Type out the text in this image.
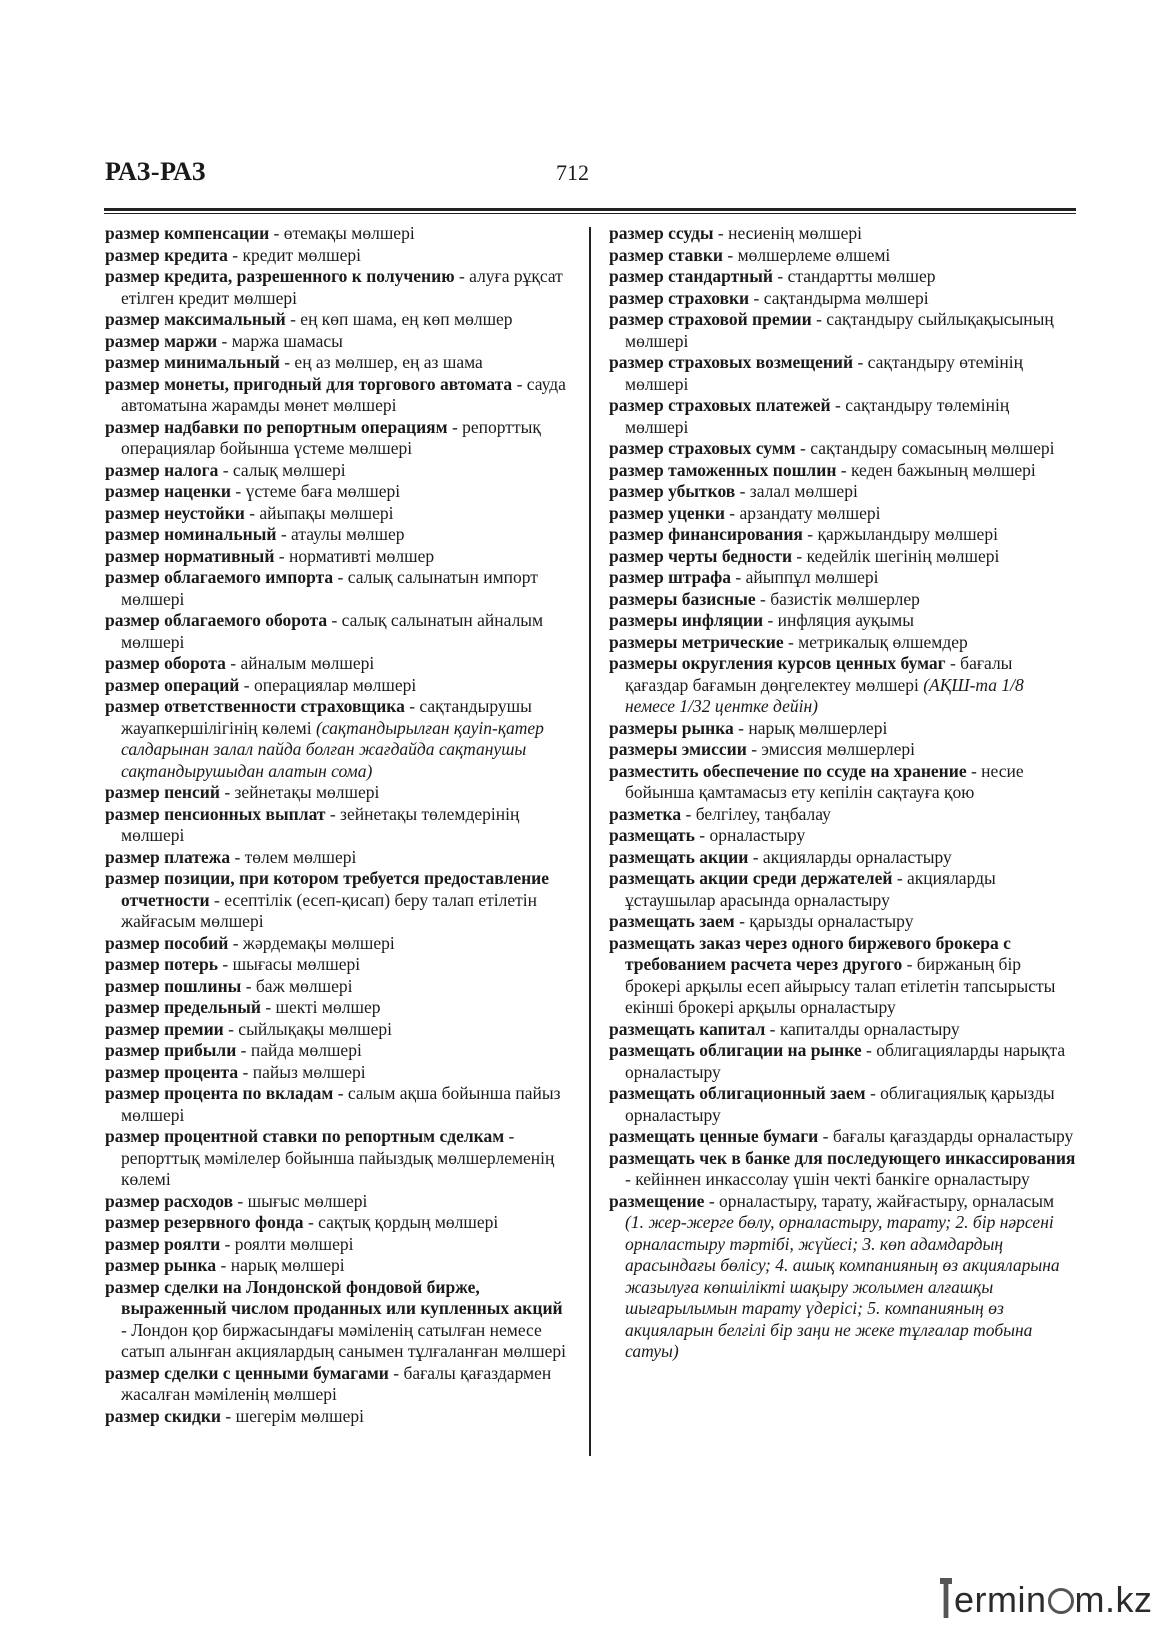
РАЗ-РАЗ	712

размер компенсации - өтемақы мөлшері

размер кредита - кредит мөлшері

размер кредита, разрешенного к получению - алуға рұқсат етілген кредит мөлшері

размер максимальный - ең көп шама, ең көп мөлшер

размер маржи - маржа шамасы

размер минимальный - ең аз мөлшер, ең аз шама

размер монеты, пригодный для торгового автомата - сауда автоматына жарамды мөнет мөлшері

размер надбавки по репортным операциям - репорттық операциялар бойынша үстеме мөлшері

размер налога - салық мөлшері

размер наценки - үстеме баға мөлшері

размер неустойки - айыпақы мөлшері

размер номинальный - атаулы мөлшер

размер нормативный - нормативті мөлшер

размер облагаемого импорта - салық салынатын импорт мөлшері

размер облагаемого оборота - салық салынатын айналым мөлшері

размер оборота - айналым мөлшері

размер операций - операциялар мөлшері

размер ответственности страховщика - сақтандырушы жауапкершілігінің көлемі (сақтандырылған қауіп-қатер салдарынан залал пайда болған жағдайда сақтанушы сақтандырушыдан алатын сома)

размер пенсий - зейнетақы мөлшері

размер пенсионных выплат - зейнетақы төлемдерінің мөлшері

размер платежа - төлем мөлшері

размер позиции, при котором требуется предоставление отчетности - есептілік (есеп-қисап) беру талап етілетін жайғасым мөлшері

размер пособий - жәрдемақы мөлшері

размер потерь - шығасы мөлшері

размер пошлины - баж мөлшері

размер предельный - шекті мөлшер

размер премии - сыйлықақы мөлшері

размер прибыли - пайда мөлшері

размер процента - пайыз мөлшері

размер процента по вкладам - салым ақша бойынша пайыз мөлшері

размер процентной ставки по репортным сделкам - репорттық мәмілелер бойынша пайыздық мөлшерлеменің көлемі

размер расходов - шығыс мөлшері

размер резервного фонда - сақтық қордың мөлшері

размер роялти - роялти мөлшері

размер рынка - нарық мөлшері

размер сделки на Лондонской фондовой бирже, выраженный числом проданных или купленных акций - Лондон қор биржасындағы мәміленің сатылған немесе сатып алынған акциялардың санымен тұлғаланған мөлшері

размер сделки с ценными бумагами - бағалы қағаздармен жасалған мәміленің мөлшері

размер скидки - шегерім мөлшері

размер ссуды - несиенің мөлшері

размер ставки - мөлшерлеме өлшемі

размер стандартный - стандартты мөлшер

размер страховки - сақтандырма мөлшері

размер страховой премии - сақтандыру сыйлықақысының мөлшері

размер страховых возмещений - сақтандыру өтемінің мөлшері

размер страховых платежей - сақтандыру төлемінің мөлшері

размер страховых сумм - сақтандыру сомасының мөлшері

размер таможенных пошлин - кеден бажының мөлшері

размер убытков - залал мөлшері

размер уценки - арзандату мөлшері

размер финансирования - қаржыландыру мөлшері

размер черты бедности - кедейлік шегінің мөлшері

размер штрафа - айыппұл мөлшері

размеры базисные - базистік мөлшерлер

размеры инфляции - инфляция ауқымы

размеры метрические - метрикалық өлшемдер

размеры округления курсов ценных бумаг - бағалы қағаздар бағамын дөңгелектеу мөлшері (АҚШ-та 1/8 немесе 1/32 центке дейін)

размеры рынка - нарық мөлшерлері

размеры эмиссии - эмиссия мөлшерлері

разместить обеспечение по ссуде на хранение - несие бойынша қамтамасыз ету кепілін сақтауға қою

разметка - белгілеу, таңбалау

размещать - орналастыру

размещать акции - акцияларды орналастыру

размещать акции среди держателей - акцияларды ұстаушылар арасында орналастыру

размещать заем - қарызды орналастыру

размещать заказ через одного биржевого брокера с требованием расчета через другого - биржаның бір брокері арқылы есеп айырысу талап етілетін тапсырысты екінші брокері арқылы орналастыру

размещать капитал - капиталды орналастыру

размещать облигации на рынке - облигацияларды нарықта орналастыру

размещать облигационный заем - облигациялық қарызды орналастыру

размещать ценные бумаги - бағалы қағаздарды орналастыру

размещать чек в банке для последующего инкассирования - кейіннен инкассолау үшін чекті банкіге орналастыру

размещение - орналастыру, тарату, жайғастыру, орналасым (1. жер-жерге бөлу, орналастыру, тарату; 2. бір нәрсені орналастыру тәртібі, жүйесі; 3. көп адамдардың арасындағы бөлісу; 4. ашық компанияның өз акцияларына жазылуға көпшілікті шақыру жолымен алғашқы шығарылымын тарату үдерісі; 5. компанияның өз акцияларын белгілі бір заңи не жеке тұлғалар тобына сатуы)

ermin m.kz
